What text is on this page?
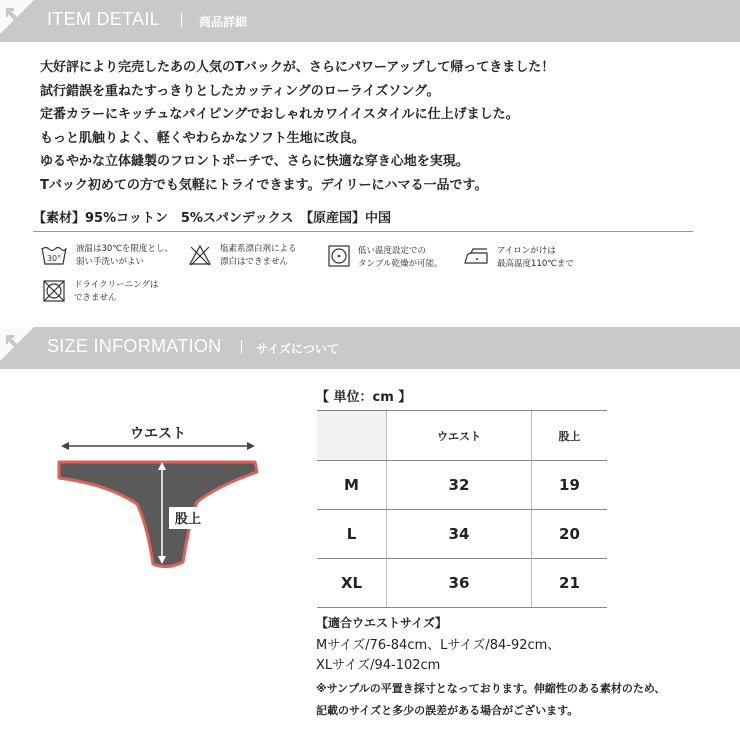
ITEM DETAIL	商品詳細

大好評により完売したあの人気のTバックが、さらにパワーアップして帰ってきました！

試行錯誤を重ねたすっきりとしたカッティングのローライズソング。

定番カラーにキッチュなパイピングでおしゃれカワイイスタイルに仕上げました。

もっと肌触りよく、軽くやわらかなソフト生地に改良。

ゆるやかな立体縫製のフロントポーチで、さらに快適な穿き心地を実現。

Tバック初めての方でも気軽にトライできます。デイリーにハマる一品です。

【素材】95%コットン　5%スパンデックス　【原産国】中国
30°
液温は30℃を限度とし、
弱い手洗いがよい
塩素系漂白剤による
漂白はできません
低い温度設定での
タンブル乾燥が可能。
アイロンがけは
最高温度110℃まで
ドライクリーニングは
できません
SIZE INFORMATION	サイズについて
ウエスト
股上
【 単位：cm 】
	ウエスト	股上
M	32	19
L	34	20
XL	36	21
【適合ウエストサイズ】
Mサイズ/76-84cm、Lサイズ/84-92cm、
XLサイズ/94-102cm
※サンプルの平置き採寸となっております。伸縮性のある素材のため、
記載のサイズと多少の誤差がある場合がございます。
